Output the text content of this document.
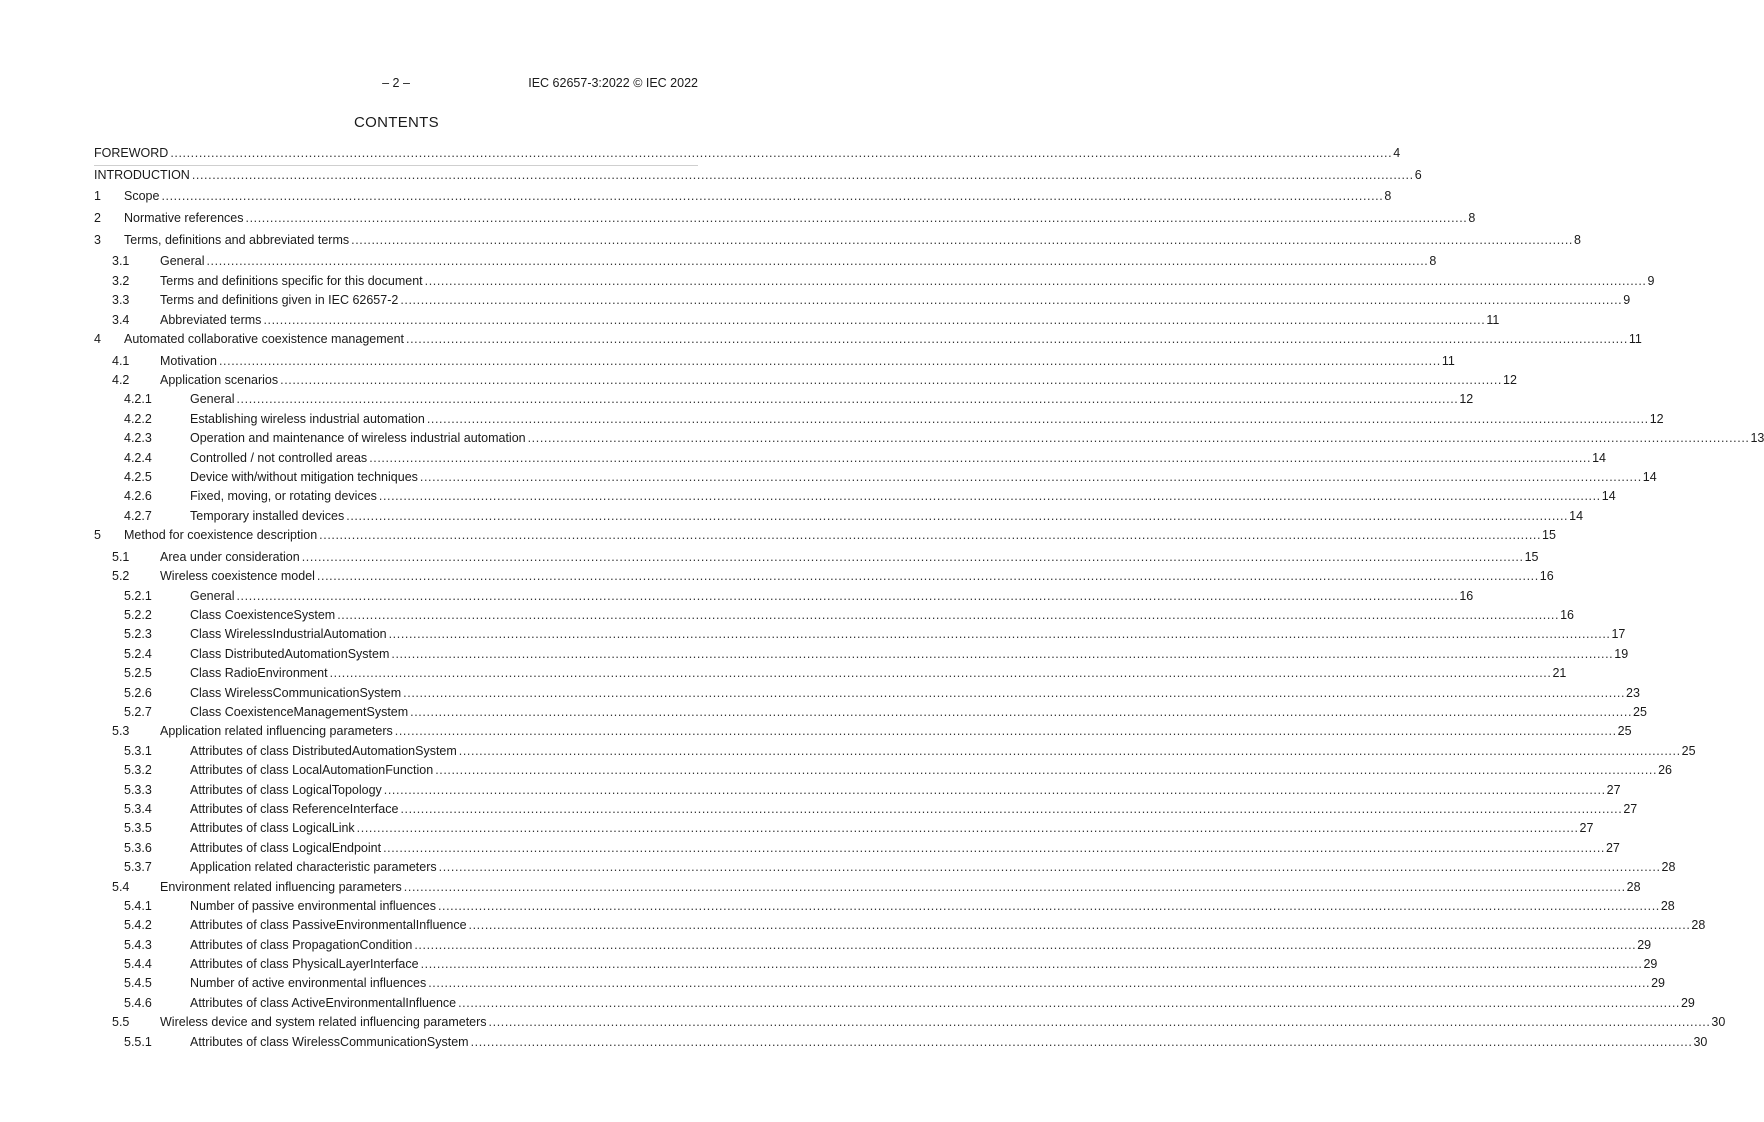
– 2 –	IEC 62657-3:2022 © IEC 2022
CONTENTS
FOREWORD ............................................................................................................................................................................................................................................................................................................ 4
INTRODUCTION ............................................................................................................................................................................................................................................................................................................ 6
1 Scope ............................................................................................................................................................................................................................................................................................................ 8
2 Normative references ............................................................................................................................................................................................................................................................................................................ 8
3 Terms, definitions and abbreviated terms ............................................................................................................................................................................................................................................................................................................ 8
3.1 General ............................................................................................................................................................................................................................................................................................................ 8
3.2 Terms and definitions specific for this document ............................................................................................................................................................................................................................................................................................................ 9
3.3 Terms and definitions given in IEC 62657-2 ............................................................................................................................................................................................................................................................................................................ 9
3.4 Abbreviated terms ............................................................................................................................................................................................................................................................................................................ 11
4 Automated collaborative coexistence management ............................................................................................................................................................................................................................................................................................................ 11
4.1 Motivation ............................................................................................................................................................................................................................................................................................................ 11
4.2 Application scenarios ............................................................................................................................................................................................................................................................................................................ 12
4.2.1	General ............................................................................................................................................................................................................................................................................................................ 12
4.2.2	Establishing wireless industrial automation ............................................................................................................................................................................................................................................................................................................ 12
4.2.3	Operation and maintenance of wireless industrial automation ............................................................................................................................................................................................................................................................................................................ 13
4.2.4	Controlled / not controlled areas ............................................................................................................................................................................................................................................................................................................ 14
4.2.5	Device with/without mitigation techniques ............................................................................................................................................................................................................................................................................................................ 14
4.2.6	Fixed, moving, or rotating devices ............................................................................................................................................................................................................................................................................................................ 14
4.2.7	Temporary installed devices ............................................................................................................................................................................................................................................................................................................ 14
5 Method for coexistence description ............................................................................................................................................................................................................................................................................................................ 15
5.1 Area under consideration ............................................................................................................................................................................................................................................................................................................ 15
5.2 Wireless coexistence model ............................................................................................................................................................................................................................................................................................................ 16
5.2.1	General ............................................................................................................................................................................................................................................................................................................ 16
5.2.2	Class CoexistenceSystem ............................................................................................................................................................................................................................................................................................................ 16
5.2.3	Class WirelessIndustrialAutomation ............................................................................................................................................................................................................................................................................................................ 17
5.2.4	Class DistributedAutomationSystem ............................................................................................................................................................................................................................................................................................................ 19
5.2.5	Class RadioEnvironment ............................................................................................................................................................................................................................................................................................................ 21
5.2.6	Class WirelessCommunicationSystem ............................................................................................................................................................................................................................................................................................................ 23
5.2.7	Class CoexistenceManagementSystem ............................................................................................................................................................................................................................................................................................................ 25
5.3 Application related influencing parameters ............................................................................................................................................................................................................................................................................................................ 25
5.3.1	Attributes of class DistributedAutomationSystem ............................................................................................................................................................................................................................................................................................................ 25
5.3.2	Attributes of class LocalAutomationFunction ............................................................................................................................................................................................................................................................................................................ 26
5.3.3	Attributes of class LogicalTopology ............................................................................................................................................................................................................................................................................................................ 27
5.3.4	Attributes of class ReferenceInterface ............................................................................................................................................................................................................................................................................................................ 27
5.3.5	Attributes of class LogicalLink ............................................................................................................................................................................................................................................................................................................ 27
5.3.6	Attributes of class LogicalEndpoint ............................................................................................................................................................................................................................................................................................................ 27
5.3.7	Application related characteristic parameters ............................................................................................................................................................................................................................................................................................................ 28
5.4 Environment related influencing parameters ............................................................................................................................................................................................................................................................................................................ 28
5.4.1	Number of passive environmental influences ............................................................................................................................................................................................................................................................................................................ 28
5.4.2	Attributes of class PassiveEnvironmentalInfluence ............................................................................................................................................................................................................................................................................................................ 28
5.4.3	Attributes of class PropagationCondition ............................................................................................................................................................................................................................................................................................................ 29
5.4.4	Attributes of class PhysicalLayerInterface ............................................................................................................................................................................................................................................................................................................ 29
5.4.5	Number of active environmental influences ............................................................................................................................................................................................................................................................................................................ 29
5.4.6	Attributes of class ActiveEnvironmentalInfluence ............................................................................................................................................................................................................................................................................................................ 29
5.5 Wireless device and system related influencing parameters ............................................................................................................................................................................................................................................................................................................ 30
5.5.1	Attributes of class WirelessCommunicationSystem ............................................................................................................................................................................................................................................................................................................ 30
